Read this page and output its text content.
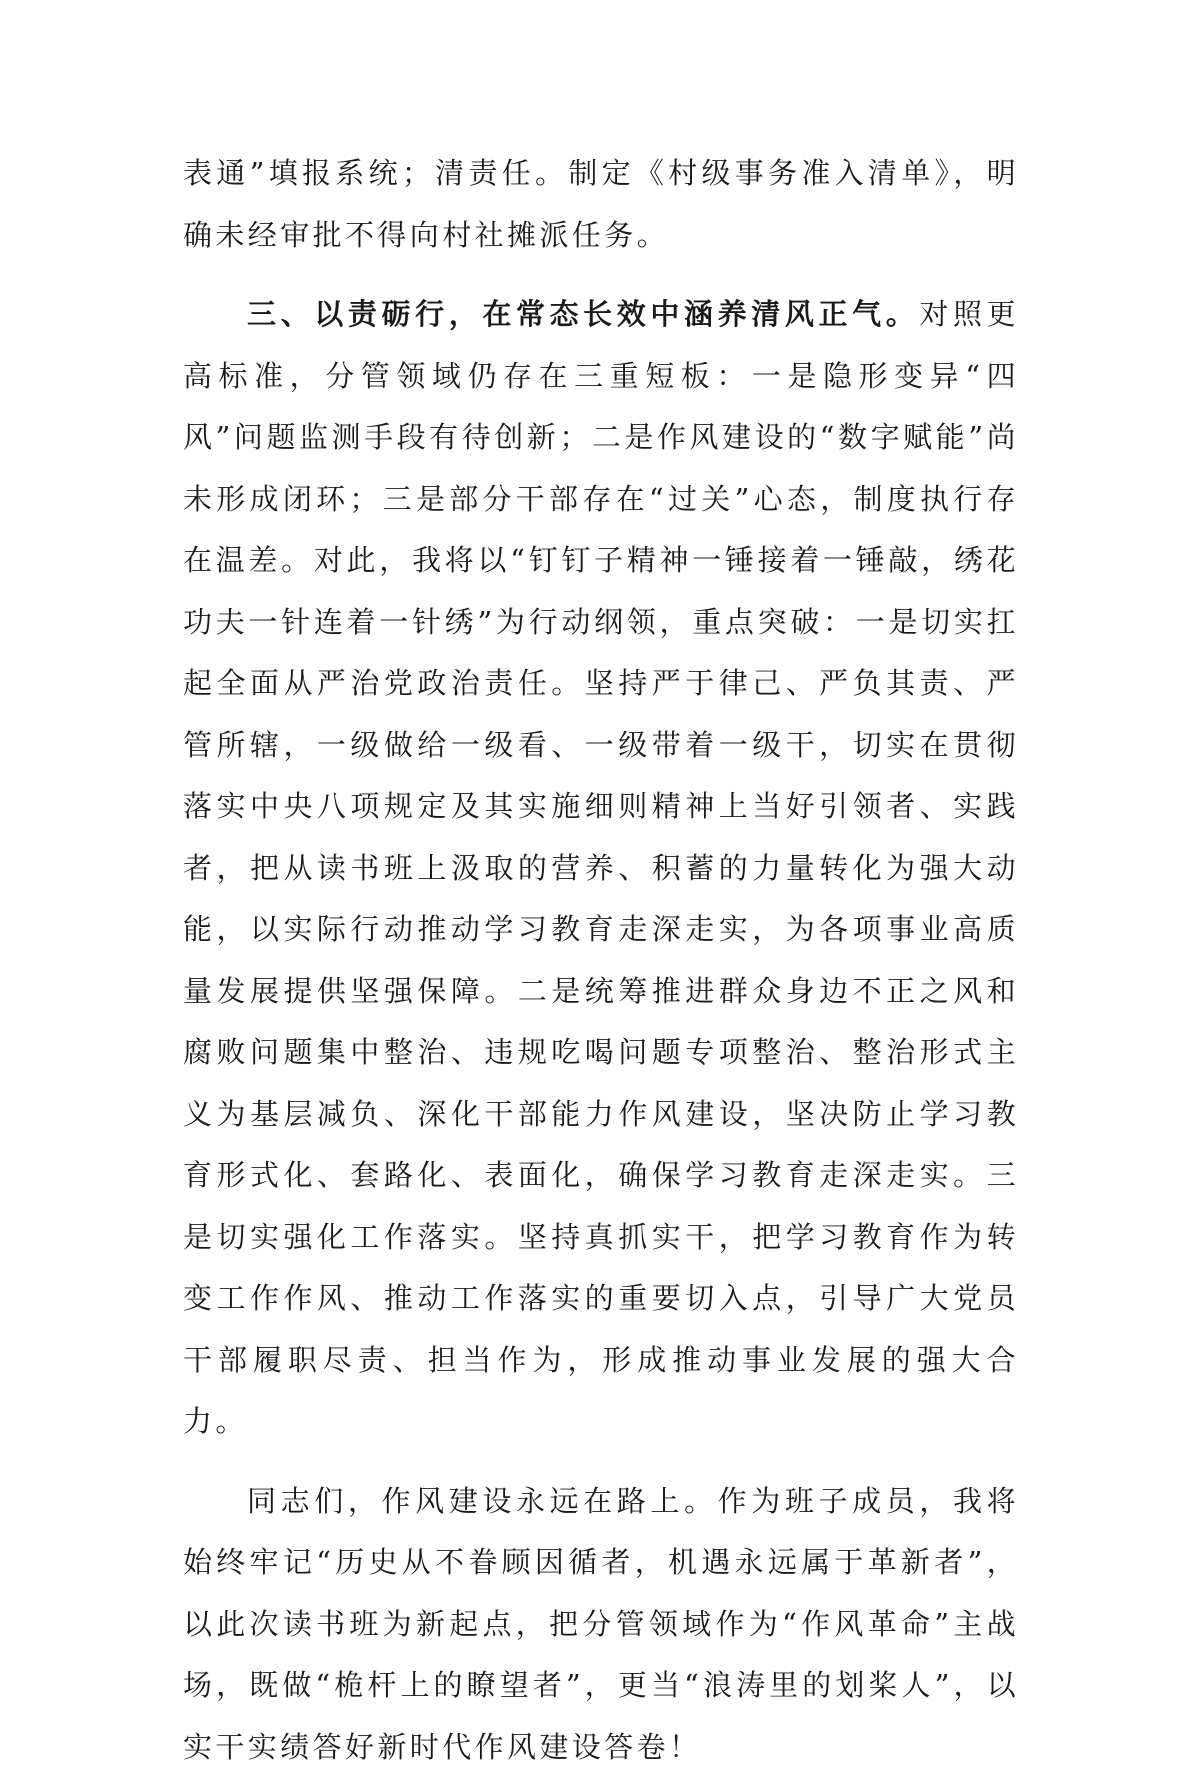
表通”填报系统；清责任。制定《村级事务准入清单》，明确未经审批不得向村社摊派任务。

三、以责砺行，在常态长效中涵养清风正气。对照更高标准，分管领域仍存在三重短板：一是隐形变异“四风”问题监测手段有待创新；二是作风建设的“数字赋能”尚未形成闭环；三是部分干部存在“过关”心态，制度执行存在温差。对此，我将以“钉钉子精神一锤接着一锤敲，绣花功夫一针连着一针绣”为行动纲领，重点突破：一是切实扛起全面从严治党政治责任。坚持严于律己、严负其责、严管所辖，一级做给一级看、一级带着一级干，切实在贯彻落实中央八项规定及其实施细则精神上当好引领者、实践者，把从读书班上汲取的营养、积蓄的力量转化为强大动能，以实际行动推动学习教育走深走实，为各项事业高质量发展提供坚强保障。二是统筹推进群众身边不正之风和腐败问题集中整治、违规吃喝问题专项整治、整治形式主义为基层减负、深化干部能力作风建设，坚决防止学习教育形式化、套路化、表面化，确保学习教育走深走实。三是切实强化工作落实。坚持真抓实干，把学习教育作为转变工作作风、推动工作落实的重要切入点，引导广大党员干部履职尽责、担当作为，形成推动事业发展的强大合力。

同志们，作风建设永远在路上。作为班子成员，我将始终牢记“历史从不眷顾因循者，机遇永远属于革新者”，以此次读书班为新起点，把分管领域作为“作风革命”主战场，既做“桅杆上的瞭望者”，更当“浪涛里的划桨人”，以实干实绩答好新时代作风建设答卷！
